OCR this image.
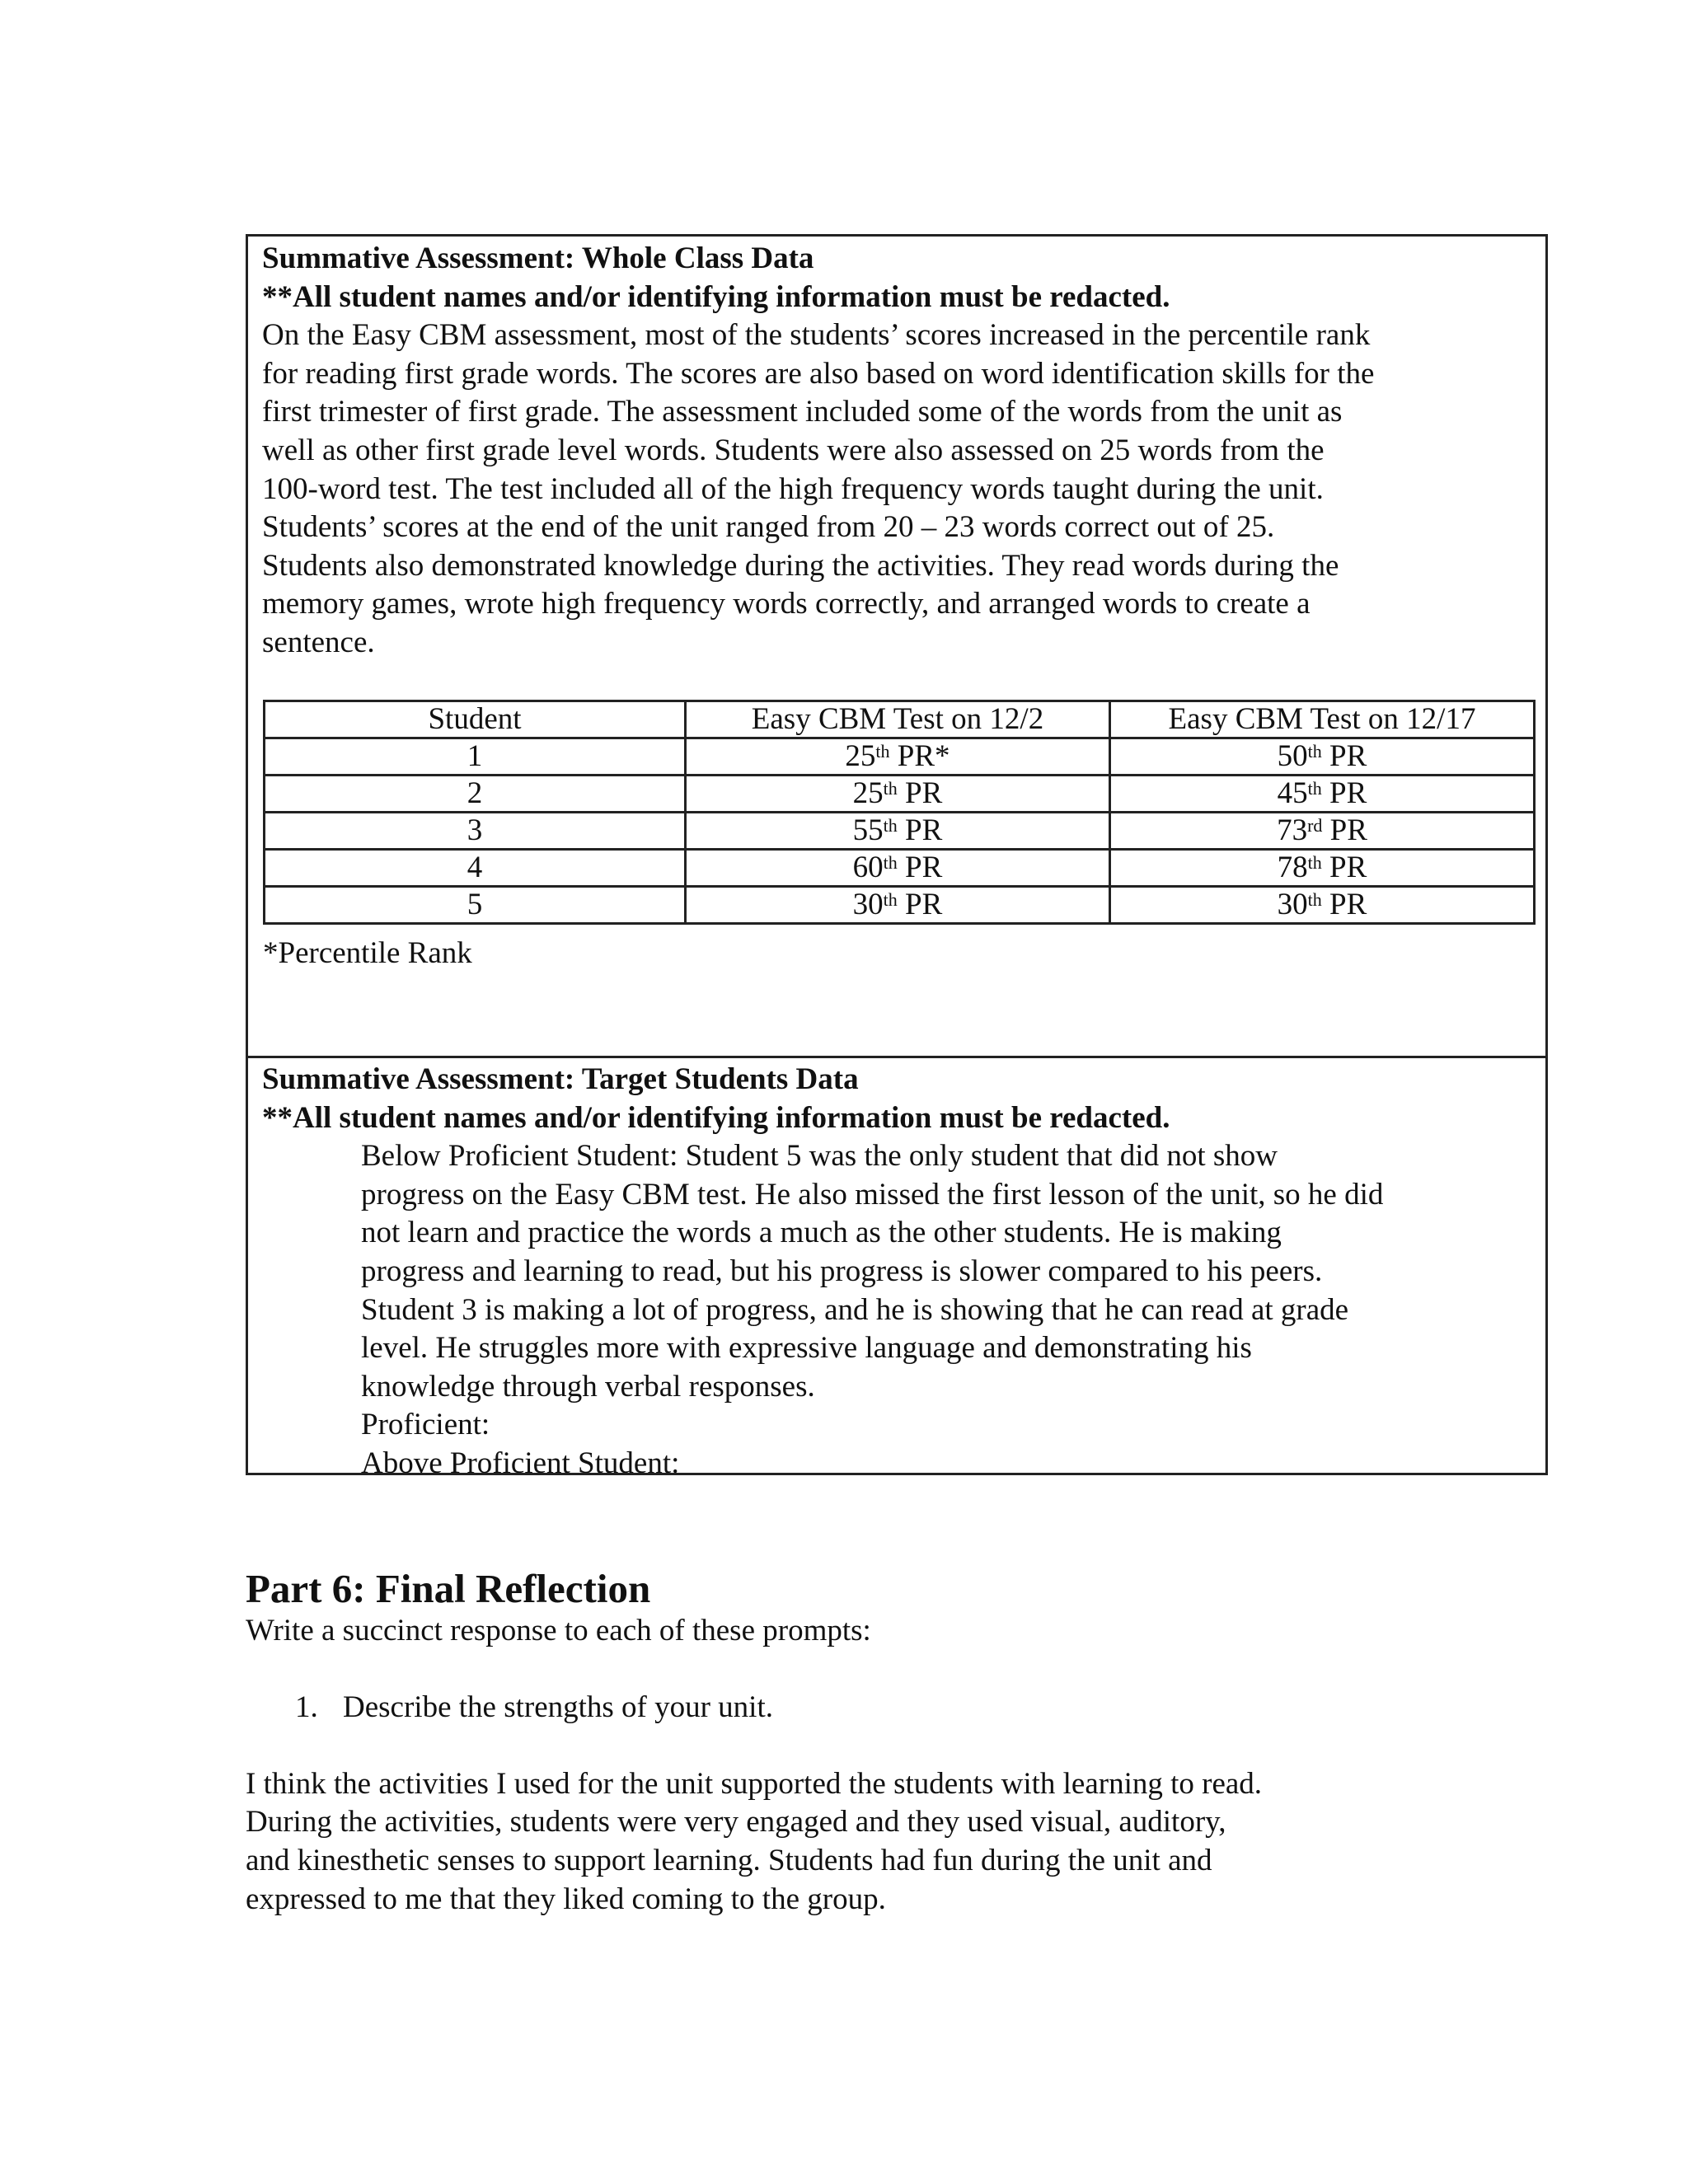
Summative Assessment: Whole Class Data
**All student names and/or identifying information must be redacted.
On the Easy CBM assessment, most of the students’ scores increased in the percentile rank
for reading first grade words. The scores are also based on word identification skills for the
first trimester of first grade. The assessment included some of the words from the unit as
well as other first grade level words. Students were also assessed on 25 words from the
100-word test. The test included all of the high frequency words taught during the unit.
Students’ scores at the end of the unit ranged from 20 – 23 words correct out of 25.
Students also demonstrated knowledge during the activities. They read words during the
memory games, wrote high frequency words correctly, and arranged words to create a
sentence.
Student	Easy CBM Test on 12/2	Easy CBM Test on 12/17
1	25th PR*	50th PR
2	25th PR	45th PR
3	55th PR	73rd PR
4	60th PR	78th PR
5	30th PR	30th PR
*Percentile Rank
Summative Assessment: Target Students Data
**All student names and/or identifying information must be redacted.
Below Proficient Student: Student 5 was the only student that did not show
progress on the Easy CBM test. He also missed the first lesson of the unit, so he did
not learn and practice the words a much as the other students. He is making
progress and learning to read, but his progress is slower compared to his peers.
Student 3 is making a lot of progress, and he is showing that he can read at grade
level. He struggles more with expressive language and demonstrating his
knowledge through verbal responses.
Proficient:
Above Proficient Student:
Part 6: Final Reflection
Write a succinct response to each of these prompts:
1. Describe the strengths of your unit.
I think the activities I used for the unit supported the students with learning to read.
During the activities, students were very engaged and they used visual, auditory,
and kinesthetic senses to support learning. Students had fun during the unit and
expressed to me that they liked coming to the group.
